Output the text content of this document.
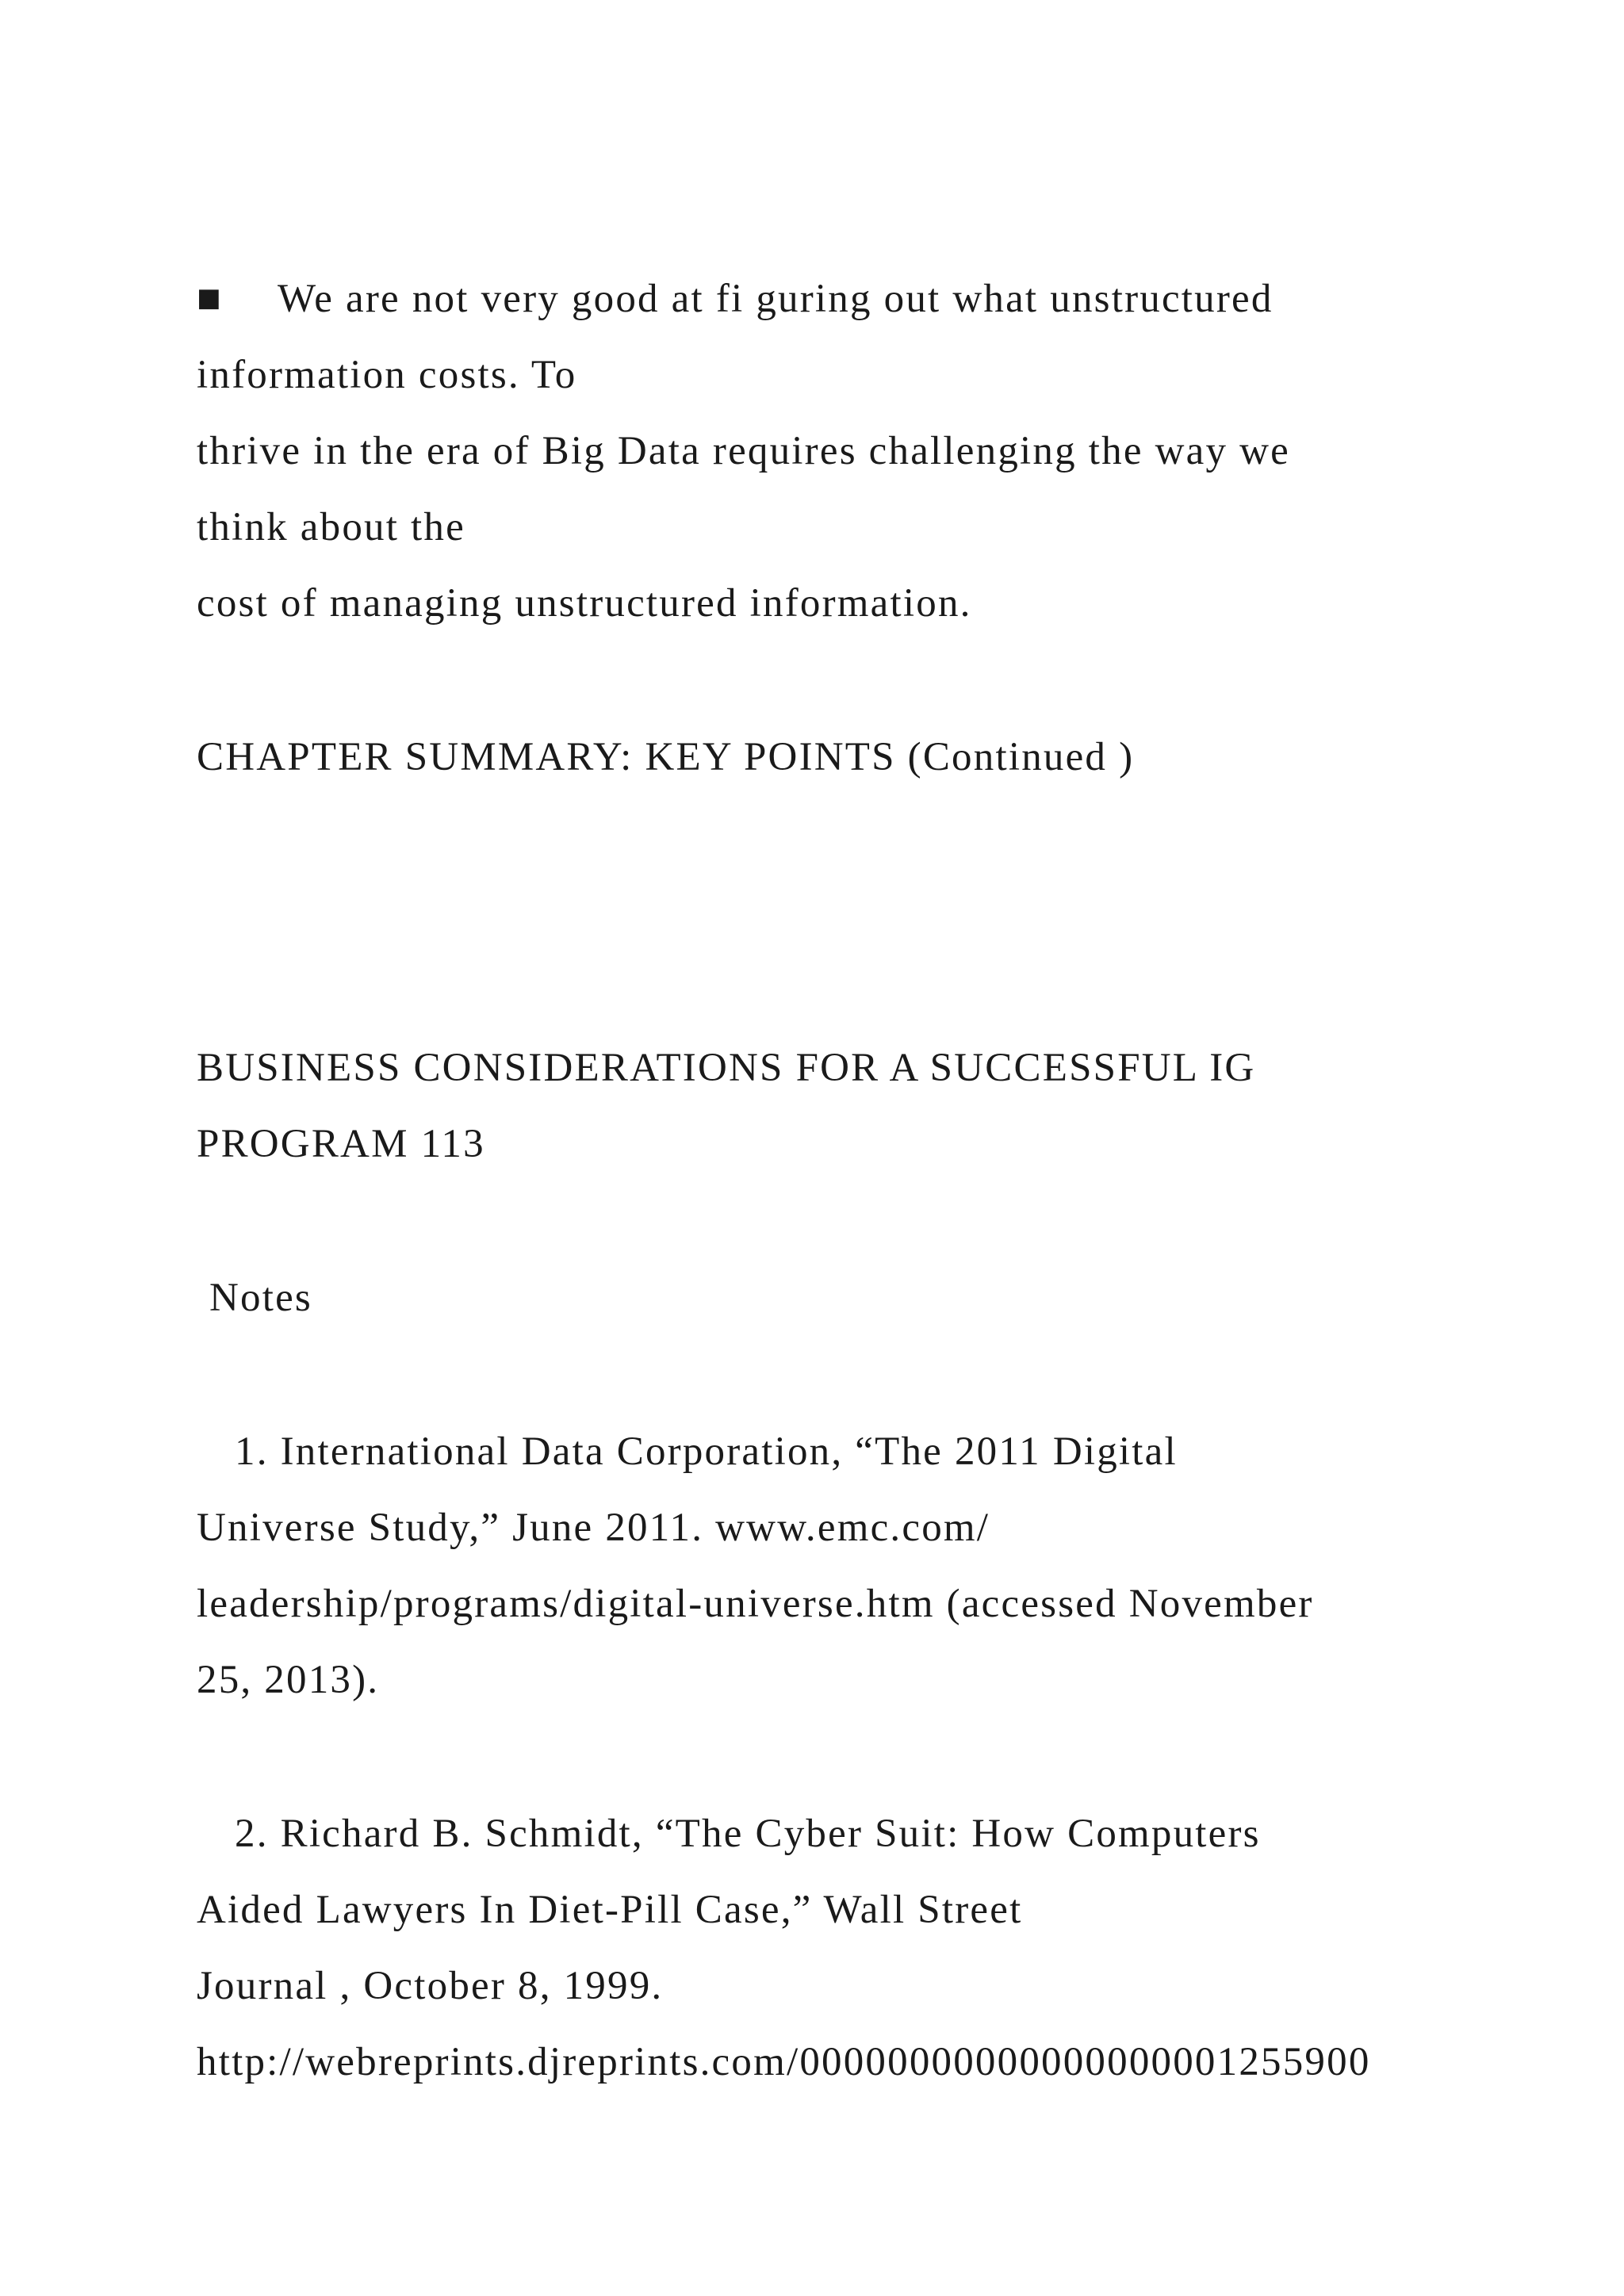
■ We are not very good at fi guring out what unstructured
information costs. To
thrive in the era of Big Data requires challenging the way we
think about the
cost of managing unstructured information.
CHAPTER SUMMARY: KEY POINTS (Continued )
BUSINESS CONSIDERATIONS FOR A SUCCESSFUL IG
PROGRAM 113
Notes
1. International Data Corporation, “The 2011 Digital
Universe Study,” June 2011. www.emc.com/
leadership/programs/digital-universe.htm (accessed November
25, 2013).
2. Richard B. Schmidt, “The Cyber Suit: How Computers
Aided Lawyers In Diet-Pill Case,” Wall Street
Journal , October 8, 1999.
http://webreprints.djreprints.com/00000000000000000001255900
